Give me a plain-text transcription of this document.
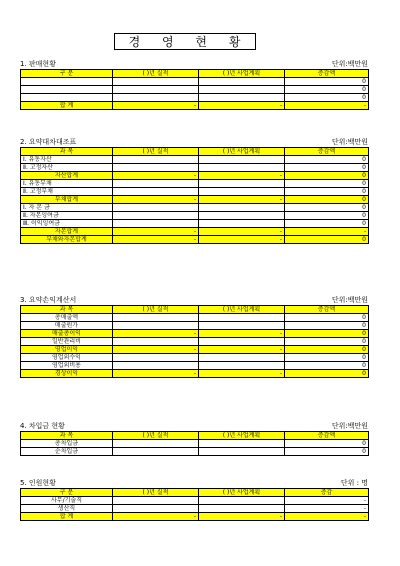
경 영 현 황
1. 판매현황	단위:백만원
구 분	( )년 실적	( )년 사업계획	증감액
			0
			0
			0
합 계	-	-	-
2. 요약대차대조표	단위:백만원
과 목	( )년 실적	( )년 사업계획	증감액
Ⅰ. 유동자산			0
Ⅱ. 고정자산			0
자산합계	-	-	0
Ⅰ. 유동부채			0
Ⅱ. 고정부채			0
부채합계	-	-	0
Ⅰ. 자 본 금			0
Ⅱ. 자본잉여금			0
Ⅲ. 이익잉여금			0
자본합계	-	-	-
부채와자본합계	-	-	0
3. 요약손익계산서	단위:백만원
과 목	( )년 실적	( )년 사업계획	증감액
총매출액			0
매출원가			0
매출총이익	-	-	0
일반관리비			0
영업이익	-	-	0
영업외수익			0
영업외비용			0
경상이익	-	-	0
4. 차입금 현황	단위:백만원
과 목	( )년 실적	( )년 사업계획	증감액
총차입금			0
순차입금			0
5. 인원현황	단위 : 명
구 분	( )년 실적	( )년 사업계획	증감
사무/기술직			-
생산직			-
합 계	-	-	-
